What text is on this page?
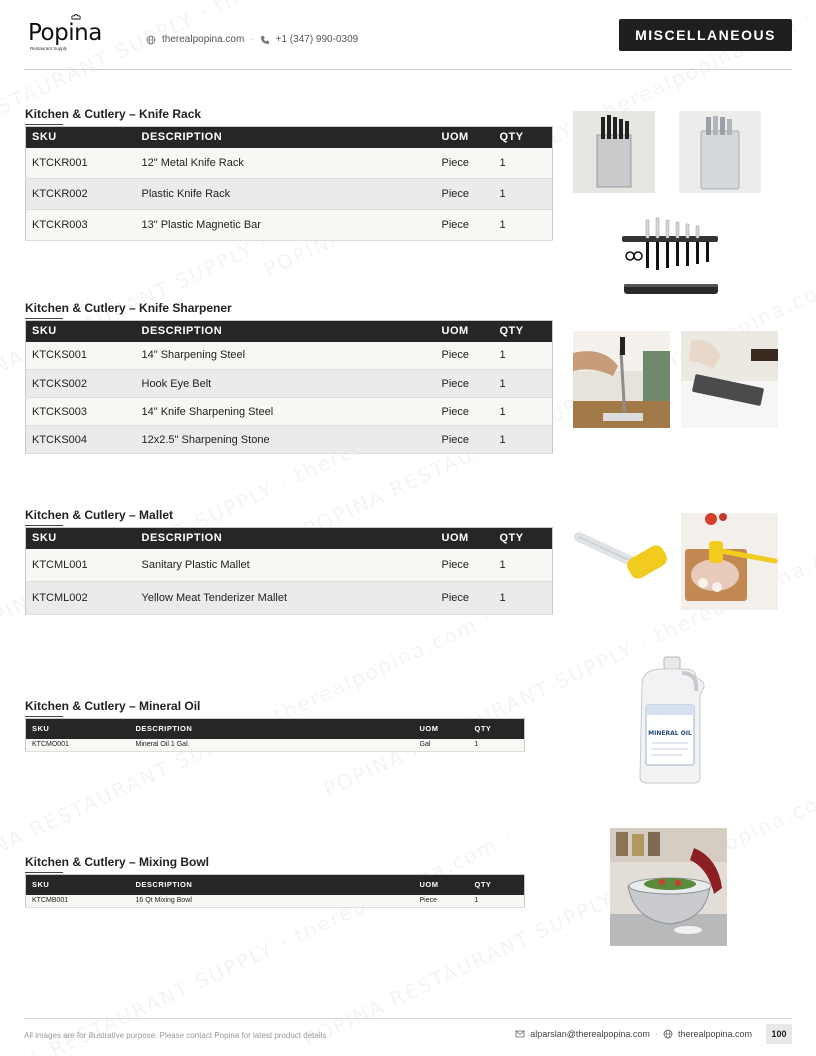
Popina
Restaurant Supply
therealpopina.com · +1 (347) 990-0309	MISCELLANEOUS
Kitchen & Cutlery – Knife Rack
SKU	DESCRIPTION	UOM	QTY
KTCKR001	12" Metal Knife Rack	Piece	1
KTCKR002	Plastic Knife Rack	Piece	1
KTCKR003	13" Plastic Magnetic Bar	Piece	1
Kitchen & Cutlery – Knife Sharpener
SKU	DESCRIPTION	UOM	QTY
KTCKS001	14" Sharpening Steel	Piece	1
KTCKS002	Hook Eye Belt	Piece	1
KTCKS003	14" Knife Sharpening Steel	Piece	1
KTCKS004	12x2.5" Sharpening Stone	Piece	1
Kitchen & Cutlery – Mallet
SKU	DESCRIPTION	UOM	QTY
KTCML001	Sanitary Plastic Mallet	Piece	1
KTCML002	Yellow Meat Tenderizer Mallet	Piece	1
Kitchen & Cutlery – Mineral Oil
SKU	DESCRIPTION	UOM	QTY
KTCMO001	Mineral Oil 1 Gal.	Gal	1
Kitchen & Cutlery – Mixing Bowl
SKU	DESCRIPTION	UOM	QTY
KTCMB001	16 Qt Mixing Bowl	Piece	1
MINERAL OIL
All images are for illustrative purpose. Please contact Popina for latest product details	alparslan@therealpopina.com · therealpopina.com	100
